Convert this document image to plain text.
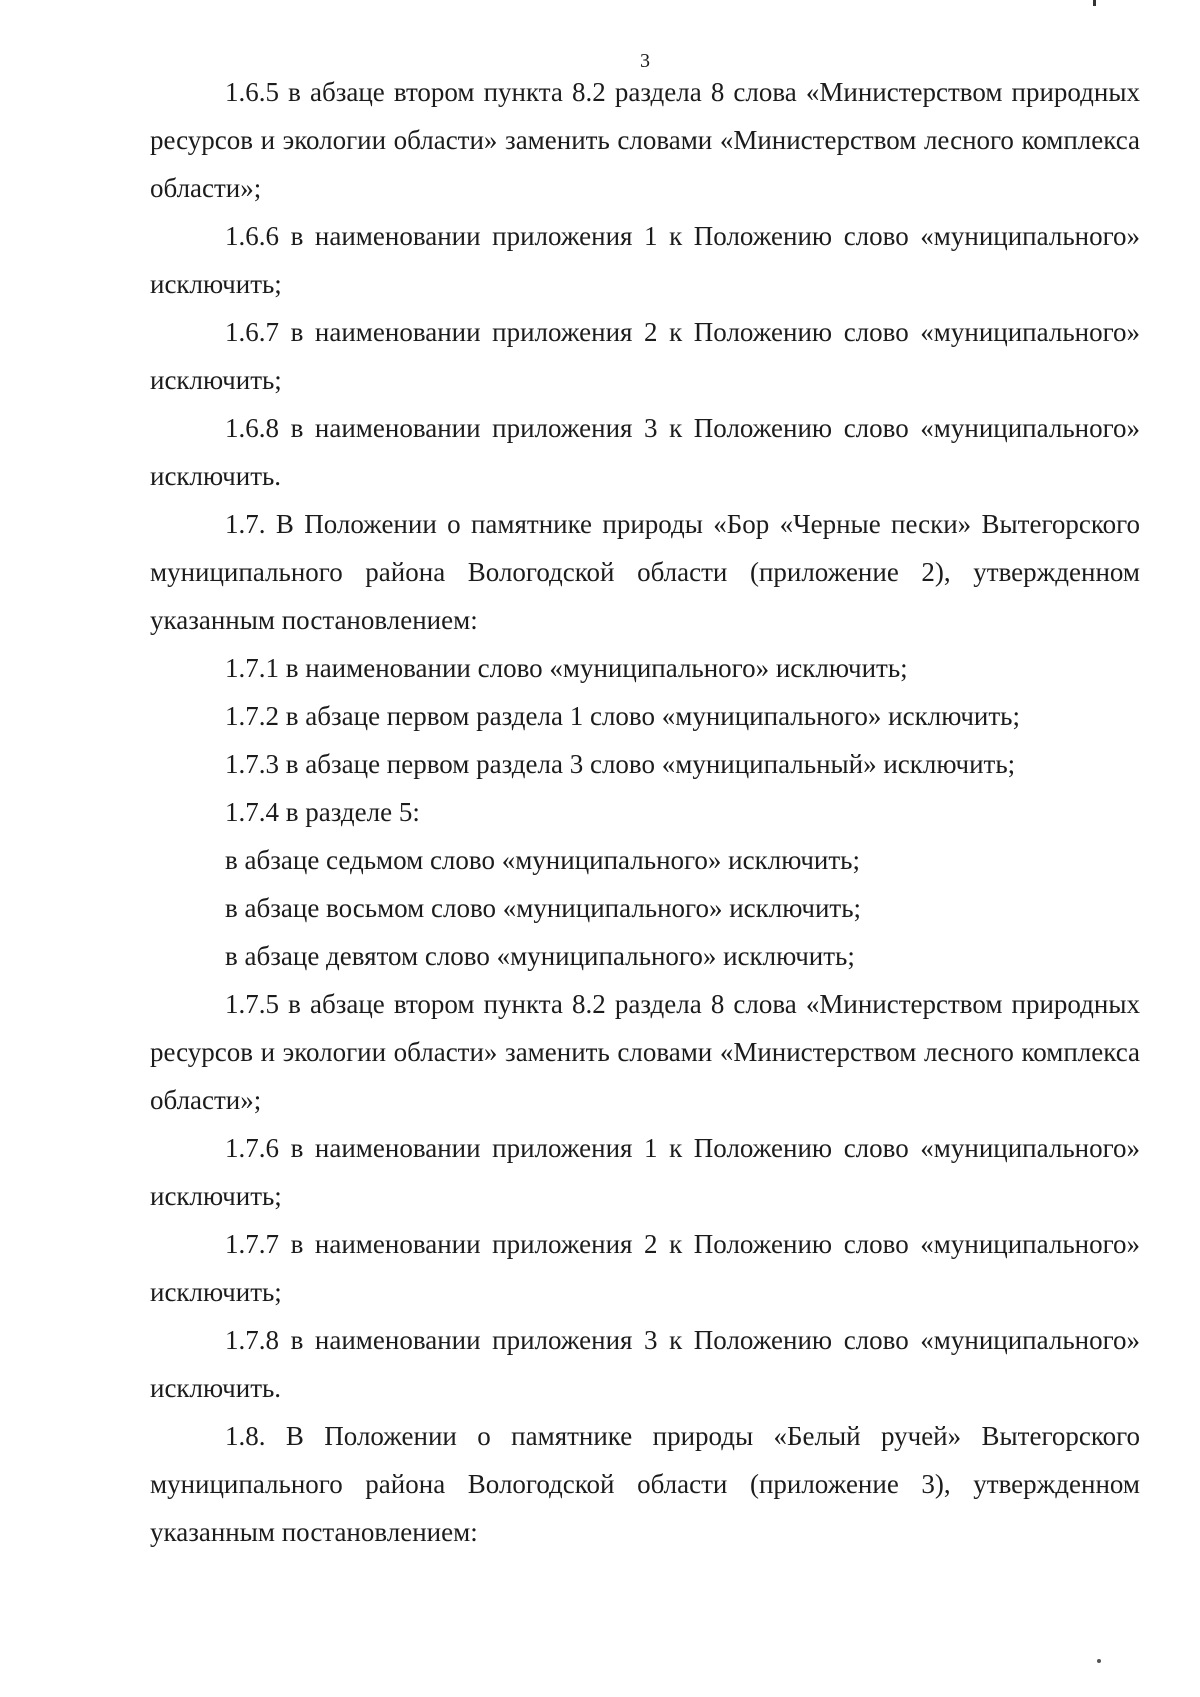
3

1.6.5 в абзаце втором пункта 8.2 раздела 8 слова «Министерством природных ресурсов и экологии области» заменить словами «Министерством лесного комплекса области»;

1.6.6 в наименовании приложения 1 к Положению слово «муниципального» исключить;

1.6.7 в наименовании приложения 2 к Положению слово «муниципального» исключить;

1.6.8 в наименовании приложения 3 к Положению слово «муниципального» исключить.

1.7. В Положении о памятнике природы «Бор «Черные пески» Вытегорского муниципального района Вологодской области (приложение 2), утвержденном указанным постановлением:

1.7.1 в наименовании слово «муниципального» исключить;

1.7.2 в абзаце первом раздела 1 слово «муниципального» исключить;

1.7.3 в абзаце первом раздела 3 слово «муниципальный» исключить;

1.7.4 в разделе 5:

в абзаце седьмом слово «муниципального» исключить;

в абзаце восьмом слово «муниципального» исключить;

в абзаце девятом слово «муниципального» исключить;

1.7.5 в абзаце втором пункта 8.2 раздела 8 слова «Министерством природных ресурсов и экологии области» заменить словами «Министерством лесного комплекса области»;

1.7.6 в наименовании приложения 1 к Положению слово «муниципального» исключить;

1.7.7 в наименовании приложения 2 к Положению слово «муниципального» исключить;

1.7.8 в наименовании приложения 3 к Положению слово «муниципального» исключить.

1.8. В Положении о памятнике природы «Белый ручей» Вытегорского муниципального района Вологодской области (приложение 3), утвержденном указанным постановлением:
